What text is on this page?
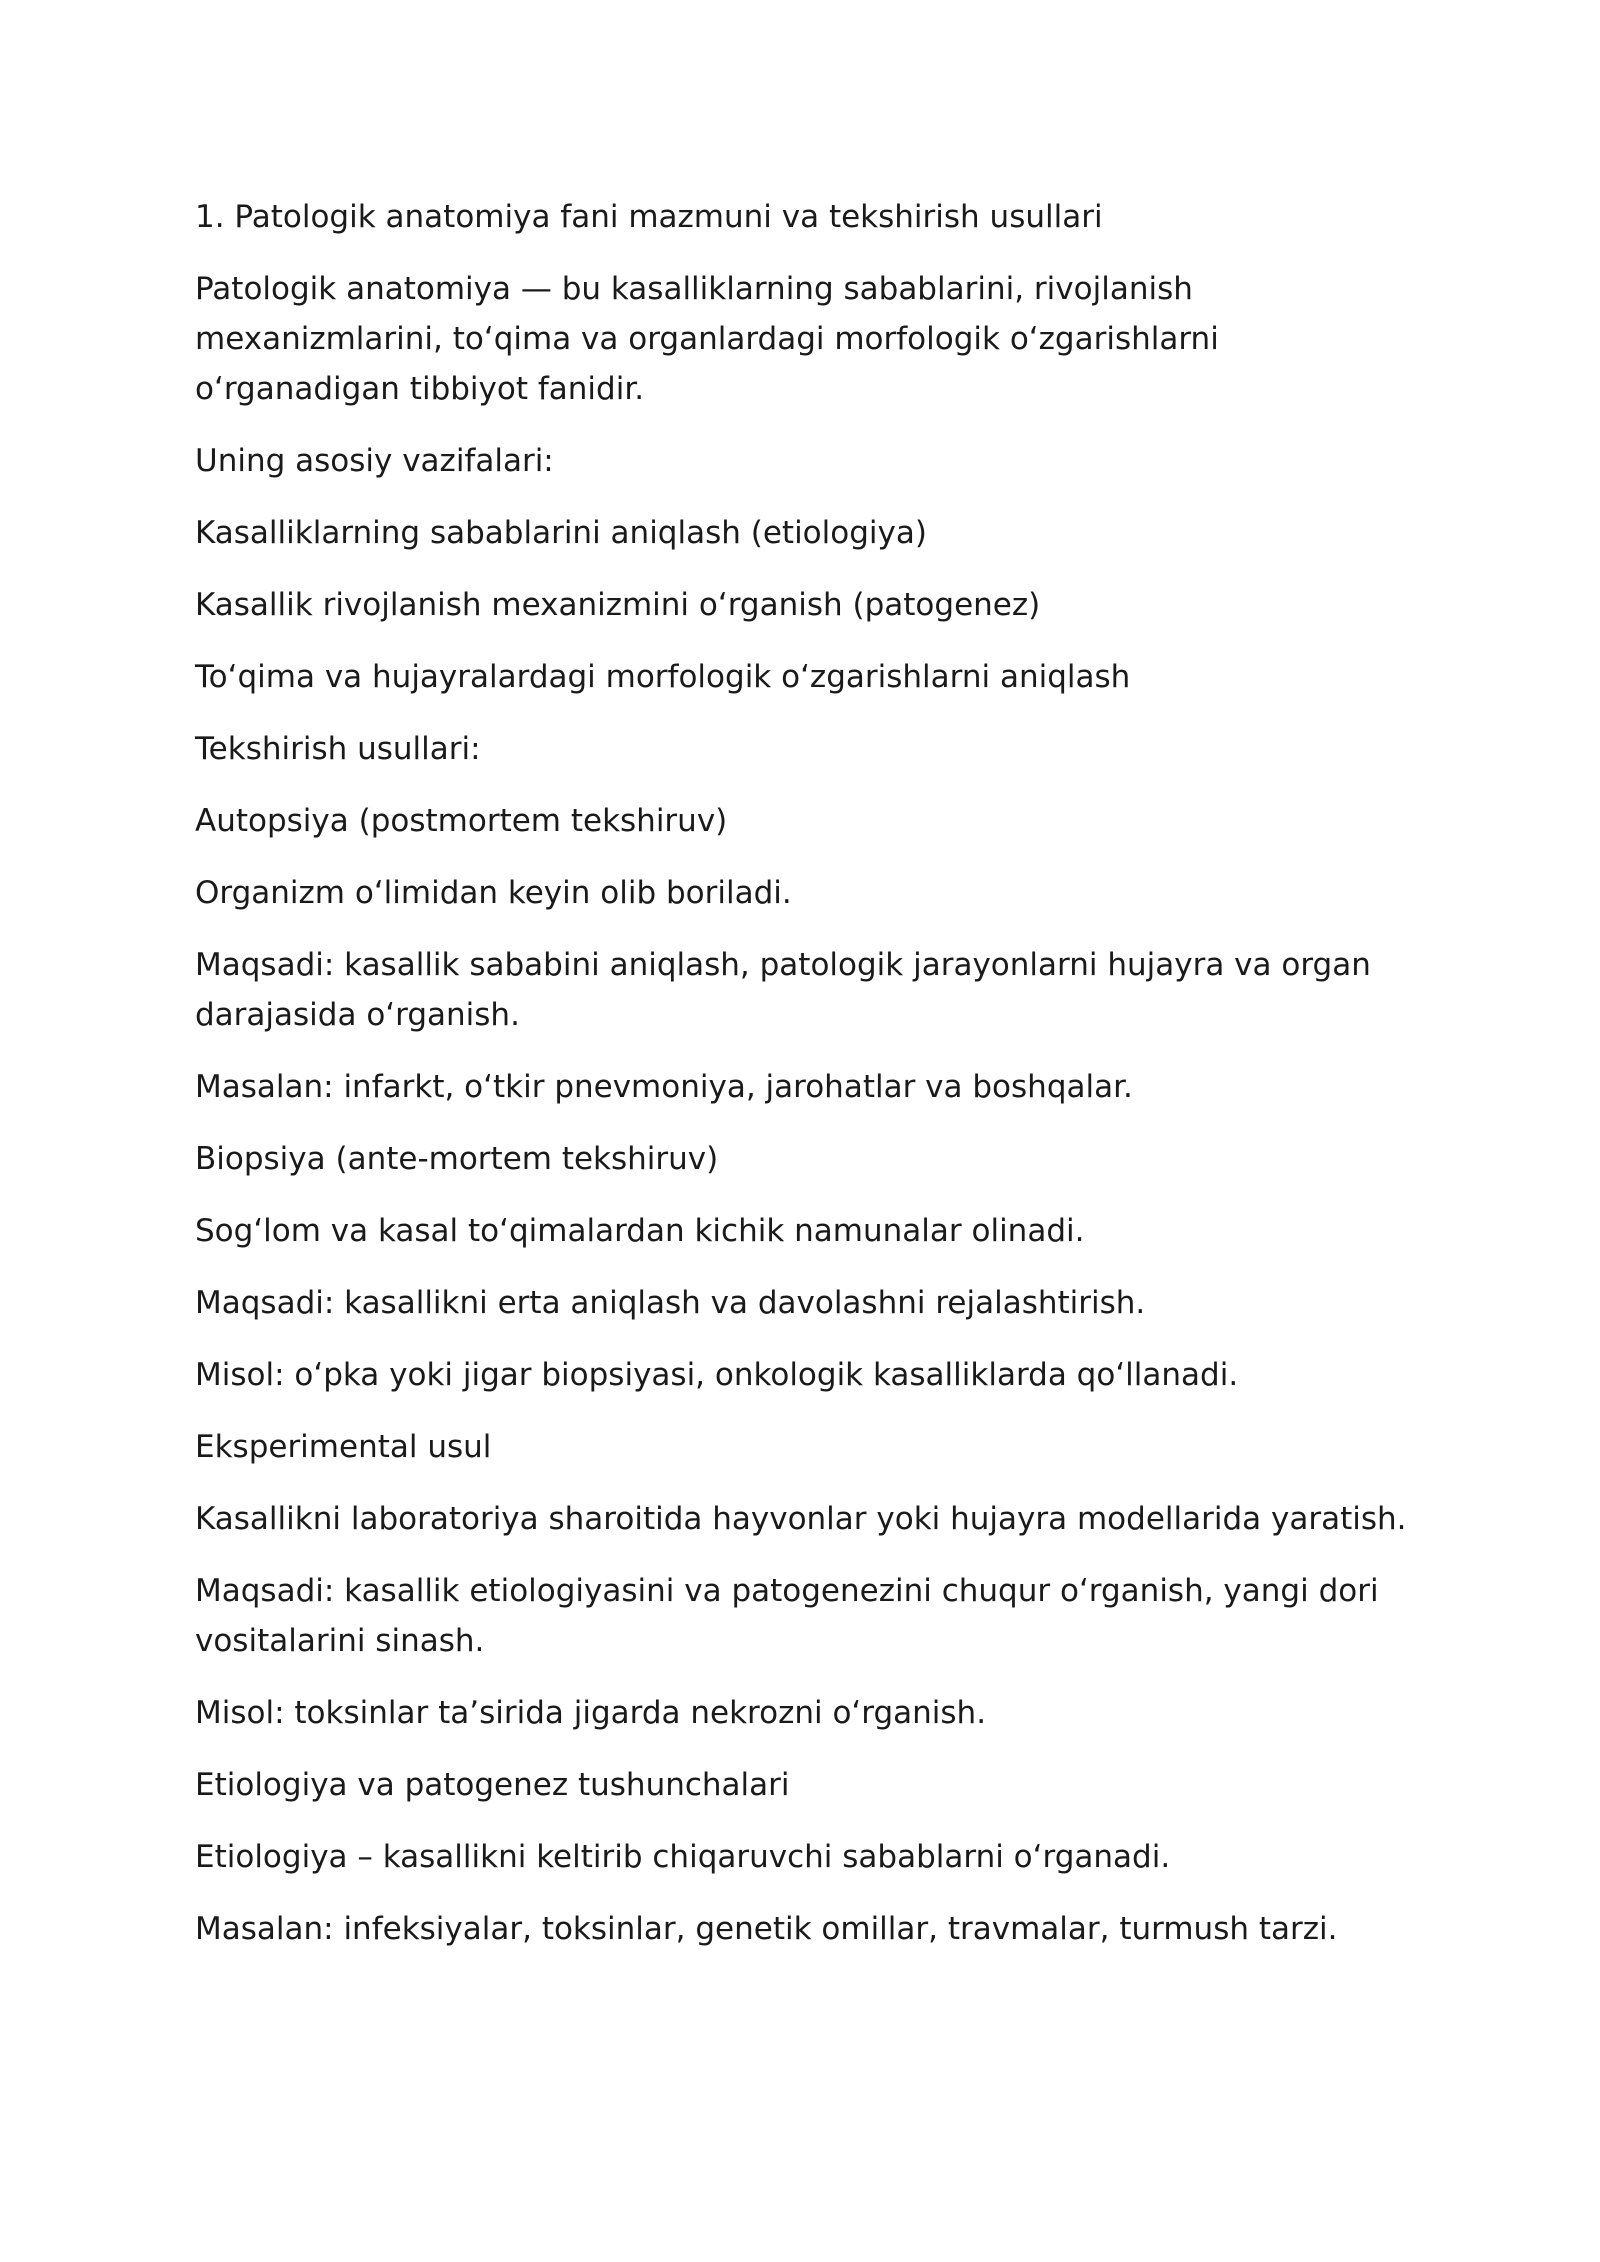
1. Patologik anatomiya fani mazmuni va tekshirish usullari

Patologik anatomiya — bu kasalliklarning sabablarini, rivojlanish mexanizmlarini, to‘qima va organlardagi morfologik o‘zgarishlarni o‘rganadigan tibbiyot fanidir.

Uning asosiy vazifalari:

Kasalliklarning sabablarini aniqlash (etiologiya)

Kasallik rivojlanish mexanizmini o‘rganish (patogenez)

To‘qima va hujayralardagi morfologik o‘zgarishlarni aniqlash

Tekshirish usullari:

Autopsiya (postmortem tekshiruv)

Organizm o‘limidan keyin olib boriladi.

Maqsadi: kasallik sababini aniqlash, patologik jarayonlarni hujayra va organ darajasida o‘rganish.

Masalan: infarkt, o‘tkir pnevmoniya, jarohatlar va boshqalar.

Biopsiya (ante-mortem tekshiruv)

Sog‘lom va kasal to‘qimalardan kichik namunalar olinadi.

Maqsadi: kasallikni erta aniqlash va davolashni rejalashtirish.

Misol: o‘pka yoki jigar biopsiyasi, onkologik kasalliklarda qo‘llanadi.

Eksperimental usul

Kasallikni laboratoriya sharoitida hayvonlar yoki hujayra modellarida yaratish.

Maqsadi: kasallik etiologiyasini va patogenezini chuqur o‘rganish, yangi dori vositalarini sinash.

Misol: toksinlar ta’sirida jigarda nekrozni o‘rganish.

Etiologiya va patogenez tushunchalari

Etiologiya – kasallikni keltirib chiqaruvchi sabablarni o‘rganadi.

Masalan: infeksiyalar, toksinlar, genetik omillar, travmalar, turmush tarzi.
